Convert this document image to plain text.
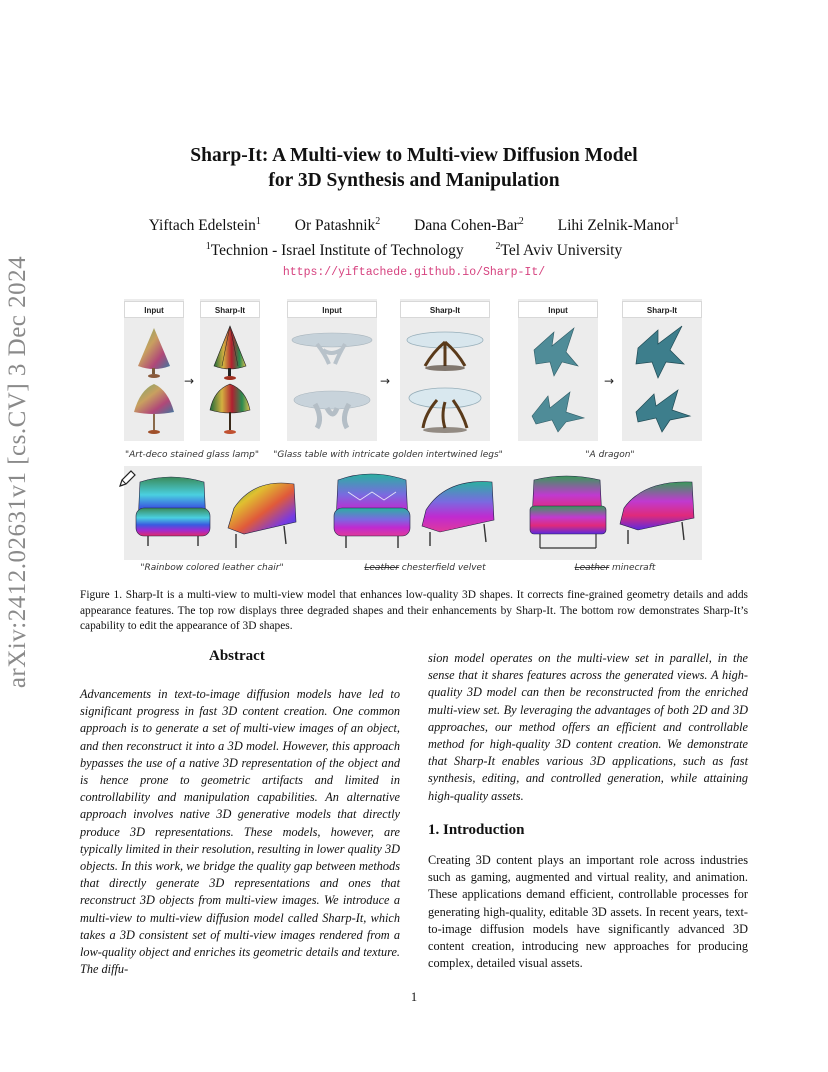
arXiv:2412.02631v1 [cs.CV] 3 Dec 2024
Sharp-It: A Multi-view to Multi-view Diffusion Model
for 3D Synthesis and Manipulation
Yiftach Edelstein$^1$ Or Patashnik$^2$ Dana Cohen-Bar$^2$ Lihi Zelnik-Manor$^1$
$^1$Technion - Israel Institute of Technology	$^2$Tel Aviv University
https://yiftachede.github.io/Sharp-It/
Input	Sharp-It
→
Input	Sharp-It
→
Input	Sharp-It
→
"Art-deco stained glass lamp"	"Glass table with intricate golden intertwined legs"	"A dragon"
"Rainbow colored leather chair"	Leather chesterfield velvet	Leather minecraft
Figure 1. Sharp-It is a multi-view to multi-view model that enhances low-quality 3D shapes. It corrects fine-grained geometry details and adds appearance features. The top row displays three degraded shapes and their enhancements by Sharp-It. The bottom row demonstrates Sharp-It’s capability to edit the appearance of 3D shapes.
Abstract
Advancements in text-to-image diffusion models have led to significant progress in fast 3D content creation. One common approach is to generate a set of multi-view images of an object, and then reconstruct it into a 3D model. However, this approach bypasses the use of a native 3D representation of the object and is hence prone to geometric artifacts and limited in controllability and manipulation capabilities. An alternative approach involves native 3D generative models that directly produce 3D representations. These models, however, are typically limited in their resolution, resulting in lower quality 3D objects. In this work, we bridge the quality gap between methods that directly generate 3D representations and ones that reconstruct 3D objects from multi-view images. We introduce a multi-view to multi-view diffusion model called Sharp-It, which takes a 3D consistent set of multi-view images rendered from a low-quality object and enriches its geometric details and texture. The diffu-
sion model operates on the multi-view set in parallel, in the sense that it shares features across the generated views. A high-quality 3D model can then be reconstructed from the enriched multi-view set. By leveraging the advantages of both 2D and 3D approaches, our method offers an efficient and controllable method for high-quality 3D content creation. We demonstrate that Sharp-It enables various 3D applications, such as fast synthesis, editing, and controlled generation, while attaining high-quality assets.
1. Introduction
Creating 3D content plays an important role across industries such as gaming, augmented and virtual reality, and animation. These applications demand efficient, controllable processes for generating high-quality, editable 3D assets. In recent years, text-to-image diffusion models have significantly advanced 3D content creation, introducing new approaches for producing complex, detailed visual assets.
1
